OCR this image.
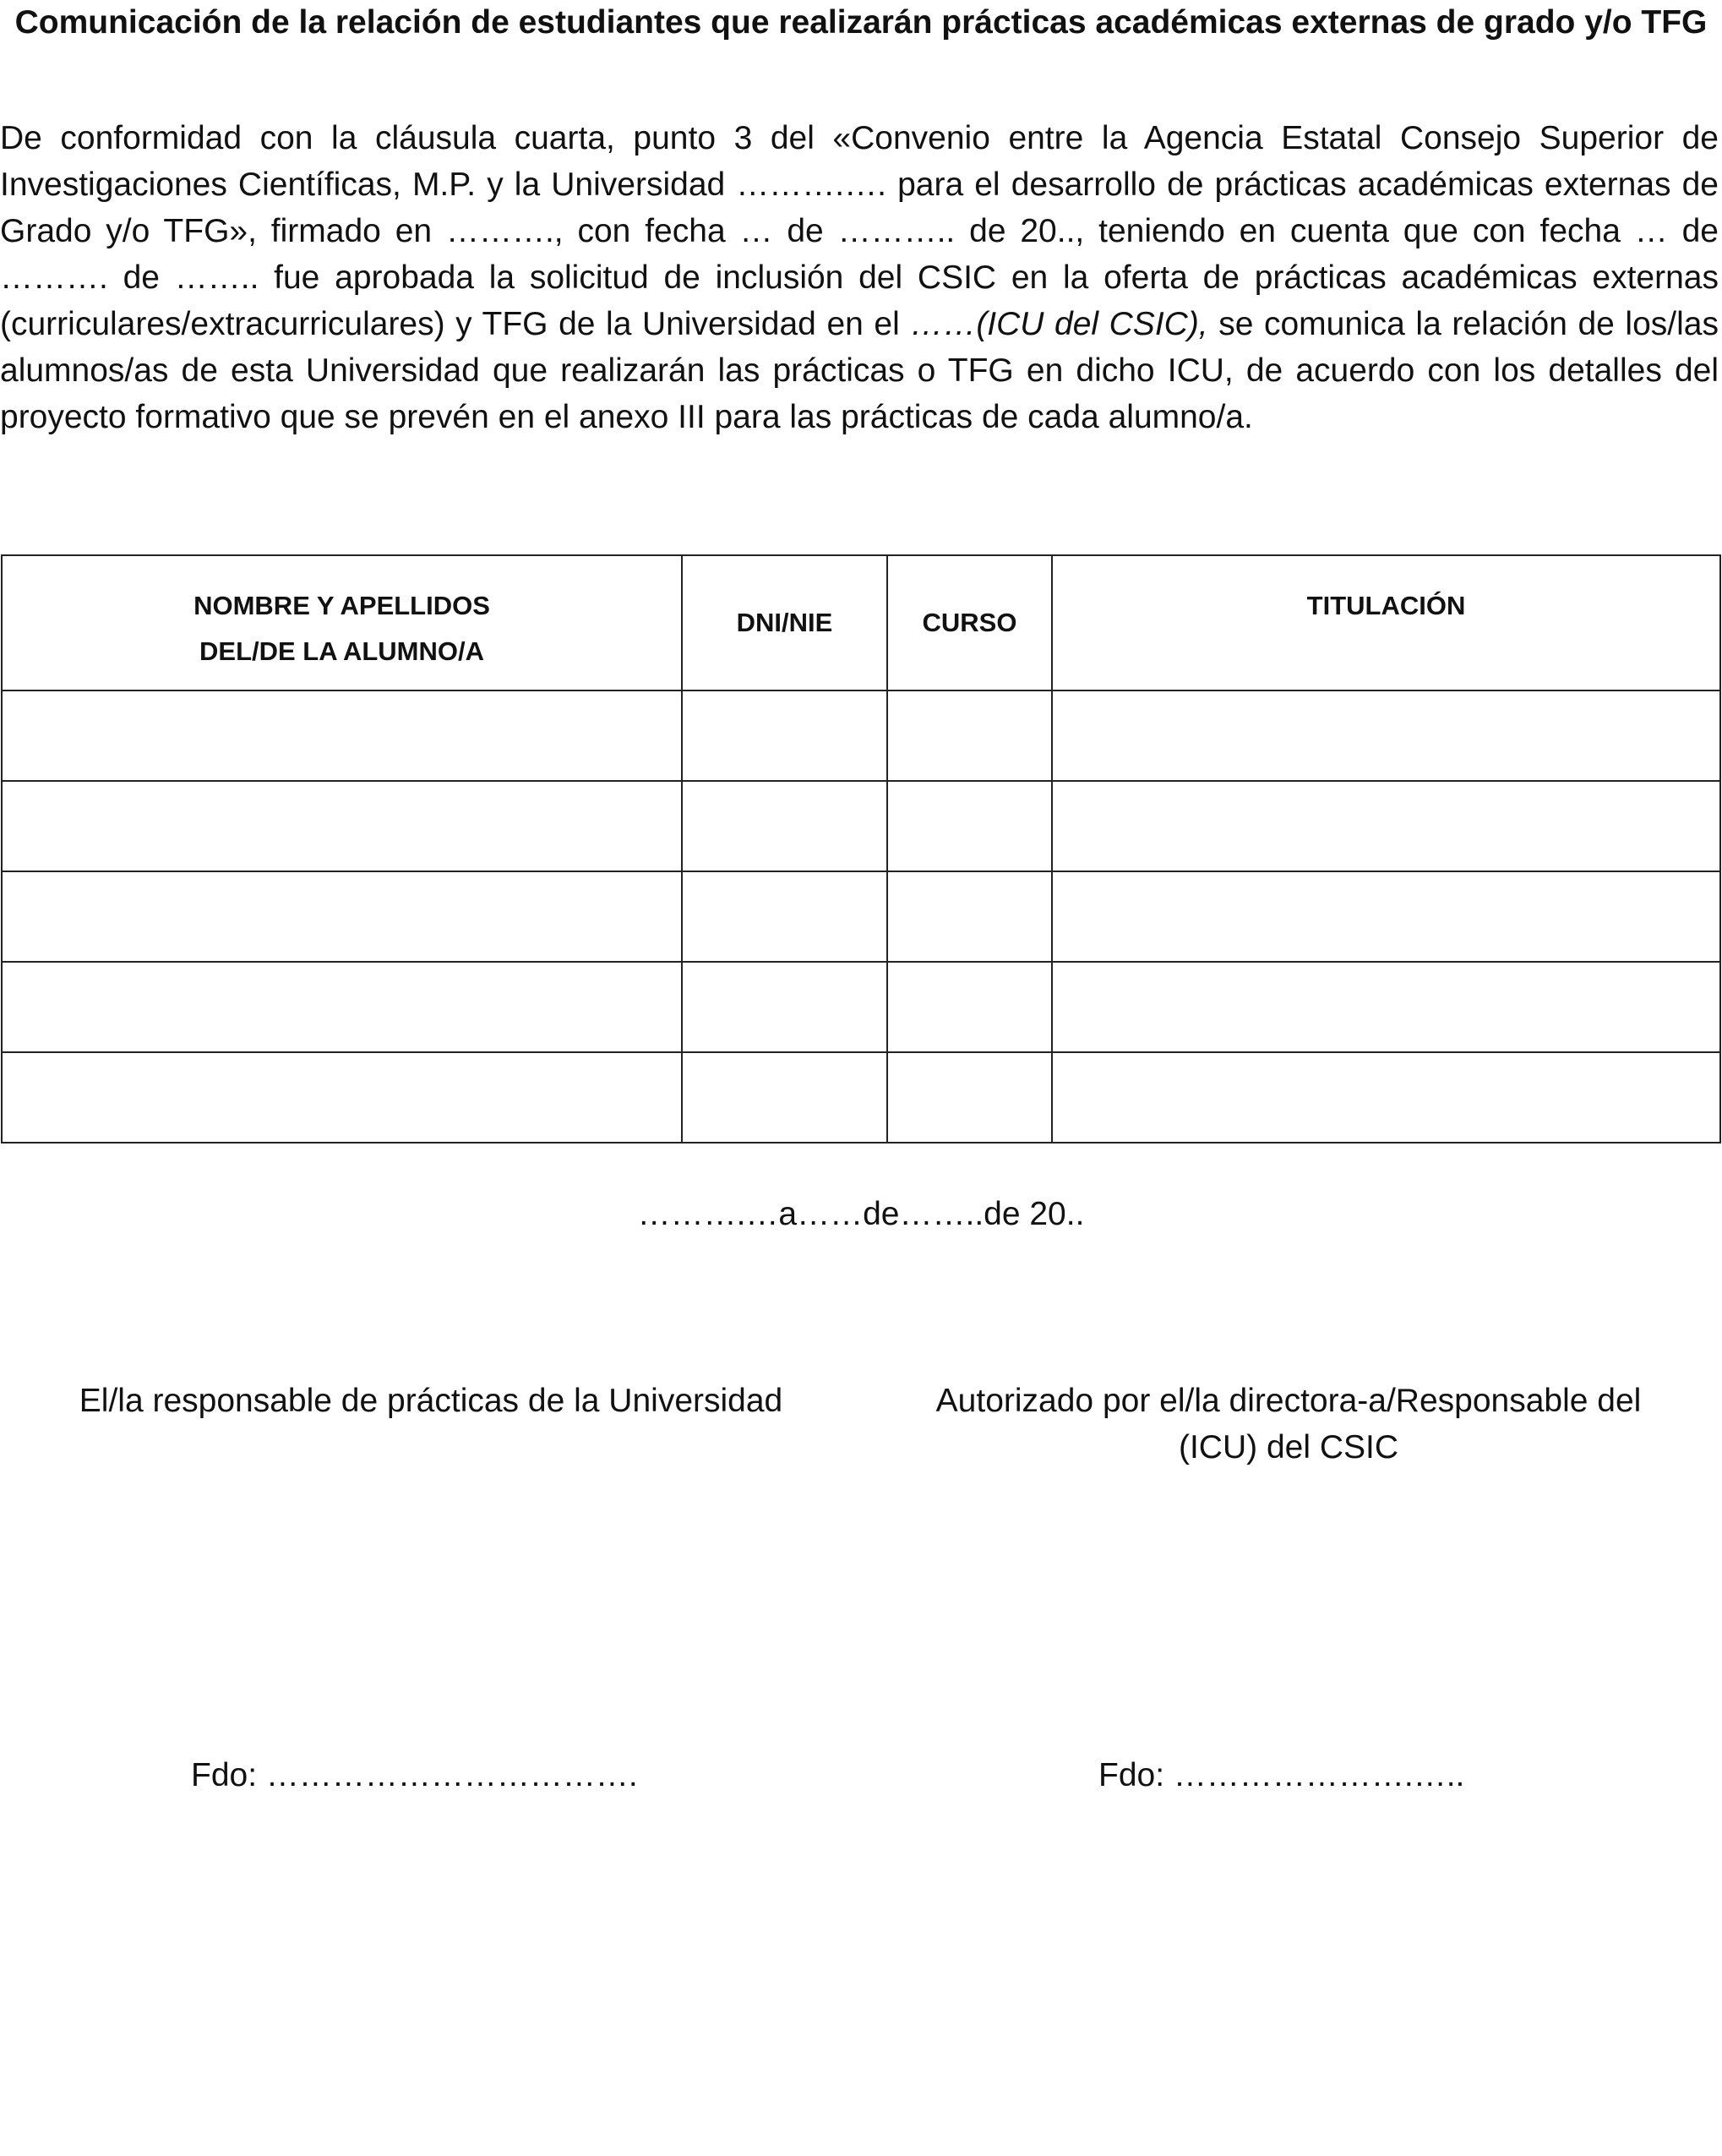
Comunicación de la relación de estudiantes que realizarán prácticas académicas externas de grado y/o TFG

De conformidad con la cláusula cuarta, punto 3 del «Convenio entre la Agencia Estatal Consejo Superior de Investigaciones Científicas, M.P. y la Universidad ……….…. para el desarrollo de prácticas académicas externas de Grado y/o TFG», firmado en ………., con fecha … de ……….. de 20.., teniendo en cuenta que con fecha … de ………. de …….. fue aprobada la solicitud de inclusión del CSIC en la oferta de prácticas académicas externas (curriculares/extracurriculares) y TFG de la Universidad en el ……(ICU del CSIC), se comunica la relación de los/las alumnos/as de esta Universidad que realizarán las prácticas o TFG en dicho ICU, de acuerdo con los detalles del proyecto formativo que se prevén en el anexo III para las prácticas de cada alumno/a.

NOMBRE Y APELLIDOS
DEL/DE LA ALUMNO/A	DNI/NIE	CURSO	TITULACIÓN

……….…a……de……..de 20..

El/la responsable de prácticas de la Universidad	Autorizado por el/la directora-a/Responsable del (ICU) del CSIC

Fdo: …………………………….	Fdo: ………………….…..
